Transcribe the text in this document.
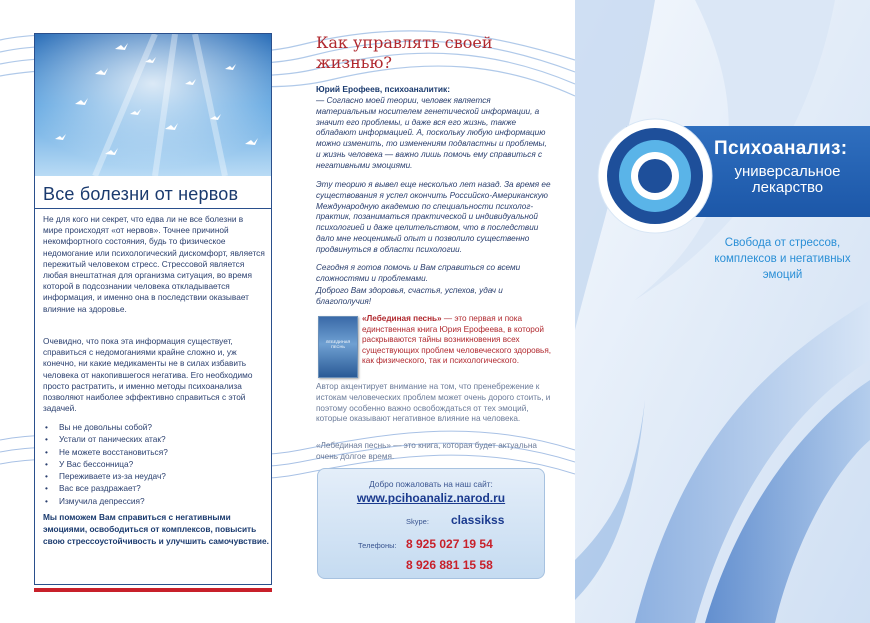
Все болезни от нервов
Не для кого ни секрет, что едва ли не все болезни в мире происходят «от нервов». Точнее причиной некомфортного состояния, будь то физическое недомогание или психологический дискомфорт, является пережитый человеком стресс. Стрессовой является любая внештатная для организма ситуация, во время которой в подсознании человека откладывается информация, и именно она в последствии оказывает влияние на здоровье.
Очевидно, что пока эта информация существует, справиться с недомоганиями крайне сложно и, уж конечно, ни какие медикаменты не в силах избавить человека от накопившегося негатива. Его необходимо просто растратить, и именно методы психоанализа позволяют наиболее эффективно справиться с этой задачей.
• Вы не довольны собой?
• Устали от панических атак?
• Не можете восстановиться?
• У Вас бессонница?
• Переживаете из-за неудач?
• Вас все раздражает?
• Измучила депрессия?
Мы поможем Вам справиться с негативными эмоциями, освободиться от комплексов, повысить свою стрессоустойчивость и улучшить самочувствие.
Как управлять своей жизнью?
Юрий Ерофеев, психоаналитик:
— Согласно моей теории, человек является материальным носителем генетической информации, а значит его проблемы, и даже вся его жизнь, также обладают информацией. А, поскольку любую информацию можно изменить, то изменениям подвластны и проблемы, и жизнь человека — важно лишь помочь ему справиться с негативными эмоциями.
Эту теорию я вывел еще несколько лет назад. За время ее существования я успел окончить Российско-Американскую Международную академию по специальности психолог-практик, позаниматься практической и индивидуальной психологией и даже целительством, что в последствии дало мне неоценимый опыт и позволило существенно продвинуться в области психологии.
Сегодня я готов помочь и Вам справиться со всеми сложностями и проблемами.
Доброго Вам здоровья, счастья, успехов, удач и благополучия!
ЛЕБЕДИНАЯ ПЕСНЬ
«Лебединая песнь» — это первая и пока единственная книга Юрия Ерофеева, в которой раскрываются тайны возникновения всех существующих проблем человеческого здоровья, как физического, так и психологического.
Автор акцентирует внимание на том, что пренебрежение к истокам человеческих проблем может очень дорого стоить, и поэтому особенно важно освобождаться от тех эмоций, которые оказывают негативное влияние на человека.
«Лебединая песнь» — это книга, которая будет актуальна очень долгое время.
Добро пожаловать на наш сайт:
www.pcihoanaliz.narod.ru
Skype: classikss
Телефоны: 8 925 027 19 54
8 926 881 15 58
Психоанализ:
универсальное лекарство
Свобода от стрессов, комплексов и негативных эмоций
